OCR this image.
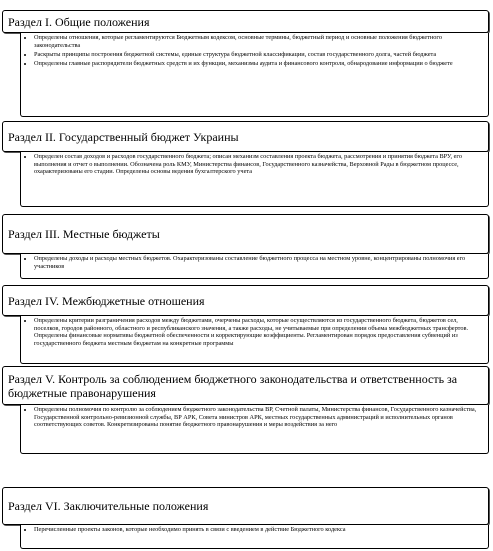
Раздел I. Общие положения
• Определены отношения, которые регламентируются Бюджетным кодексом, основные термины, бюджетный период и основные положения бюджетного законодательства
• Раскрыты принципы построения бюджетной системы, единые структура бюджетной классификации, состав государственного долга, частей бюджета
• Определены главные распорядители бюджетных средств и их функции, механизмы аудита и финансового контроля, обнародование информации о бюджете
Раздел II. Государственный бюджет Украины
• Определен состав доходов и расходов государственного бюджета; описан механизм составления проекта бюджета, рассмотрения и принятия бюджета ВРУ, его выполнения и отчет о выполнении. Обозначена роль КМУ, Министерства финансов, Государственного казначейства, Верховной Рады в бюджетном процессе, охарактеризованы его стадии. Определены основы ведения бухгалтерского учета
Раздел III. Местные бюджеты
• Определены доходы и расходы местных бюджетов. Охарактеризованы составление бюджетного процесса на местном уровне, концентрированы полномочия его участников
Раздел IV. Межбюджетные отношения
• Определены критерии разграничения расходов между бюджетами, очерчены расходы, которые осуществляются из государственного бюджета, бюджетов сел, поселков, городов районного, областного и республиканского значения, а также расходы, не учитываемые при определении объема межбюджетных трансфертов. Определены финансовые нормативы бюджетной обеспеченности и корректирующие коэффициенты. Регламентирован порядок предоставления субвенций из государственного бюджета местным бюджетам на конкретные программы
Раздел V. Контроль за соблюдением бюджетного законодательства и ответственность за бюджетные правонарушения
• Определены полномочия по контролю за соблюдением бюджетного законодательства ВР, Счетной палаты, Министерства финансов, Государственного казначейства, Государственной контрольно-ревизионной службы, ВР АРК, Совета министров АРК, местных государственных администраций и исполнительных органов соответствующих советов. Конкретизированы понятие бюджетного правонарушения и меры воздействия за него
Раздел VI. Заключительные положения
• Перечисленные проекты законов, которые необходимо принять в связи с введением в действие Бюджетного кодекса
